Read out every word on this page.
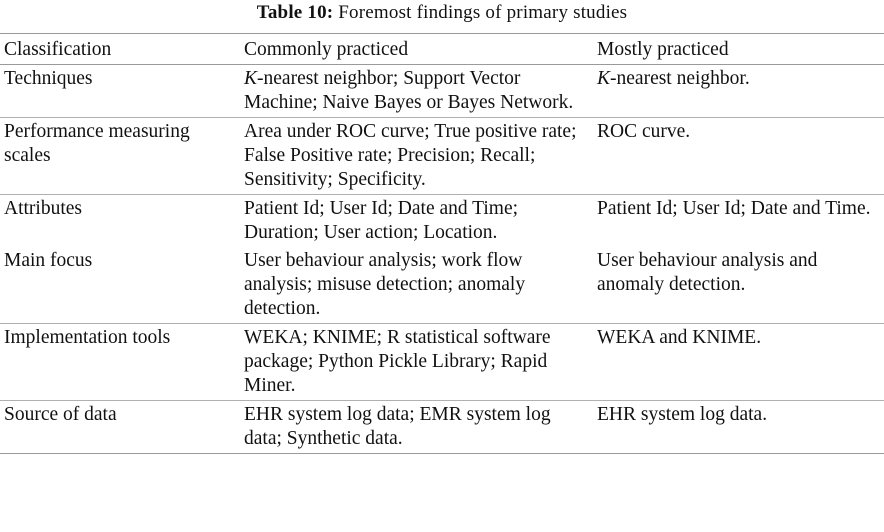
Table 10: Foremost findings of primary studies
Classification	Commonly practiced	Mostly practiced
Techniques	K-nearest neighbor; Support Vector Machine; Naive Bayes or Bayes Network.	K-nearest neighbor.
Performance measuring scales	Area under ROC curve; True positive rate; False Positive rate; Precision; Recall; Sensitivity; Specificity.	ROC curve.
Attributes	Patient Id; User Id; Date and Time; Duration; User action; Location.	Patient Id; User Id; Date and Time.
Main focus	User behaviour analysis; work flow analysis; misuse detection; anomaly detection.	User behaviour analysis and anomaly detection.
Implementation tools	WEKA; KNIME; R statistical software package; Python Pickle Library; Rapid Miner.	WEKA and KNIME.
Source of data	EHR system log data; EMR system log data; Synthetic data.	EHR system log data.
